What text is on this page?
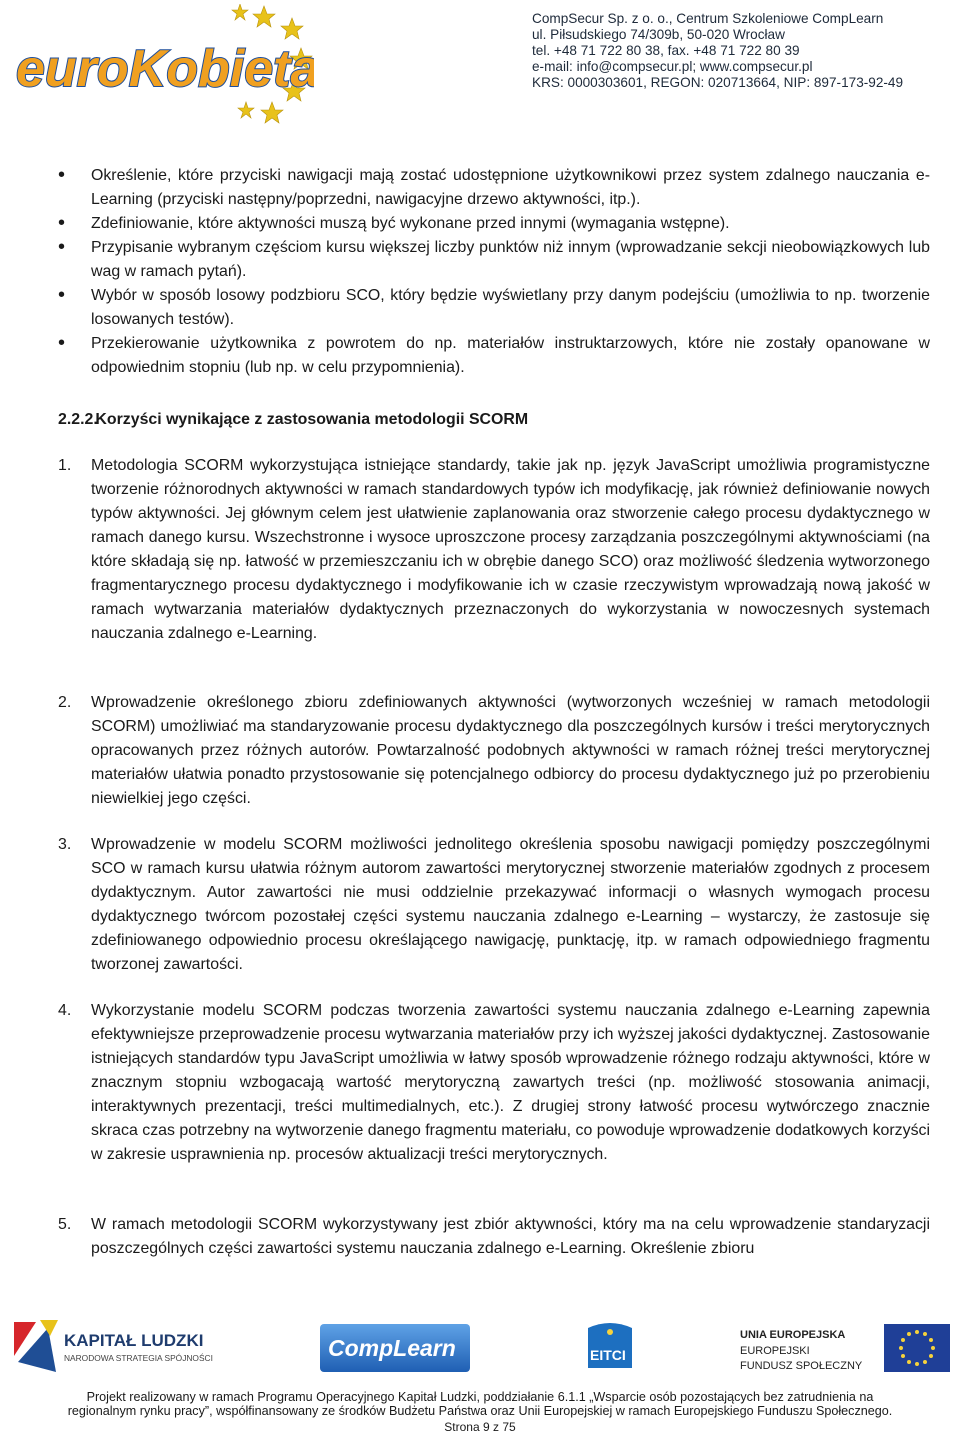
euroKobieta
CompSecur Sp. z o. o., Centrum Szkoleniowe CompLearn
ul. Piłsudskiego 74/309b, 50-020 Wrocław
tel. +48 71 722 80 38, fax. +48 71 722 80 39
e-mail: info@compsecur.pl; www.compsecur.pl
KRS: 0000303601, REGON: 020713664, NIP: 897-173-92-49
• Określenie, które przyciski nawigacji mają zostać udostępnione użytkownikowi przez system zdalnego nauczania e-Learning (przyciski następny/poprzedni, nawigacyjne drzewo aktywności, itp.).
• Zdefiniowanie, które aktywności muszą być wykonane przed innymi (wymagania wstępne).
• Przypisanie wybranym częściom kursu większej liczby punktów niż innym (wprowadzanie sekcji nieobowiązkowych lub wag w ramach pytań).
• Wybór w sposób losowy podzbioru SCO, który będzie wyświetlany przy danym podejściu (umożliwia to np. tworzenie losowanych testów).
• Przekierowanie użytkownika z powrotem do np. materiałów instruktarzowych, które nie zostały opanowane w odpowiednim stopniu (lub np. w celu przypomnienia).
2.2.2. Korzyści wynikające z zastosowania metodologii SCORM
1.	Metodologia SCORM wykorzystująca istniejące standardy, takie jak np. język JavaScript umożliwia programistyczne tworzenie różnorodnych aktywności w ramach standardowych typów ich modyfikację, jak również definiowanie nowych typów aktywności. Jej głównym celem jest ułatwienie zaplanowania oraz stworzenie całego procesu dydaktycznego w ramach danego kursu. Wszechstronne i wysoce uproszczone procesy zarządzania poszczególnymi aktywnościami (na które składają się np. łatwość w przemieszczaniu ich w obrębie danego SCO) oraz możliwość śledzenia wytworzonego fragmentarycznego procesu dydaktycznego i modyfikowanie ich w czasie rzeczywistym wprowadzają nową jakość w ramach wytwarzania materiałów dydaktycznych przeznaczonych do wykorzystania w nowoczesnych systemach nauczania zdalnego e-Learning.
2.	Wprowadzenie określonego zbioru zdefiniowanych aktywności (wytworzonych wcześniej w ramach metodologii SCORM) umożliwiać ma standaryzowanie procesu dydaktycznego dla poszczególnych kursów i treści merytorycznych opracowanych przez różnych autorów. Powtarzalność podobnych aktywności w ramach różnej treści merytorycznej materiałów ułatwia ponadto przystosowanie się potencjalnego odbiorcy do procesu dydaktycznego już po przerobieniu niewielkiej jego części.
3.	Wprowadzenie w modelu SCORM możliwości jednolitego określenia sposobu nawigacji pomiędzy poszczególnymi SCO w ramach kursu ułatwia różnym autorom zawartości merytorycznej stworzenie materiałów zgodnych z procesem dydaktycznym. Autor zawartości nie musi oddzielnie przekazywać informacji o własnych wymogach procesu dydaktycznego twórcom pozostałej części systemu nauczania zdalnego e-Learning – wystarczy, że zastosuje się zdefiniowanego odpowiednio procesu określającego nawigację, punktację, itp. w ramach odpowiedniego fragmentu tworzonej zawartości.
4.	Wykorzystanie modelu SCORM podczas tworzenia zawartości systemu nauczania zdalnego e-Learning zapewnia efektywniejsze przeprowadzenie procesu wytwarzania materiałów przy ich wyższej jakości dydaktycznej. Zastosowanie istniejących standardów typu JavaScript umożliwia w łatwy sposób wprowadzenie różnego rodzaju aktywności, które w znacznym stopniu wzbogacają wartość merytoryczną zawartych treści (np. możliwość stosowania animacji, interaktywnych prezentacji, treści multimedialnych, etc.). Z drugiej strony łatwość procesu wytwórczego znacznie skraca czas potrzebny na wytworzenie danego fragmentu materiału, co powoduje wprowadzenie dodatkowych korzyści w zakresie usprawnienia np. procesów aktualizacji treści merytorycznych.
5.	W ramach metodologii SCORM wykorzystywany jest zbiór aktywności, który ma na celu wprowadzenie standaryzacji poszczególnych części zawartości systemu nauczania zdalnego e-Learning. Określenie zbioru
KAPITAŁ LUDZKI
NARODOWA STRATEGIA SPÓJNOŚCI	CompLearn	EITCI
UNIA EUROPEJSKA
EUROPEJSKI
FUNDUSZ SPOŁECZNY
Projekt realizowany w ramach Programu Operacyjnego Kapitał Ludzki, poddziałanie 6.1.1 „Wsparcie osób pozostających bez zatrudnienia na
regionalnym rynku pracy”, współfinansowany ze środków Budżetu Państwa oraz Unii Europejskiej w ramach Europejskiego Funduszu Społecznego.
Strona 9 z 75
